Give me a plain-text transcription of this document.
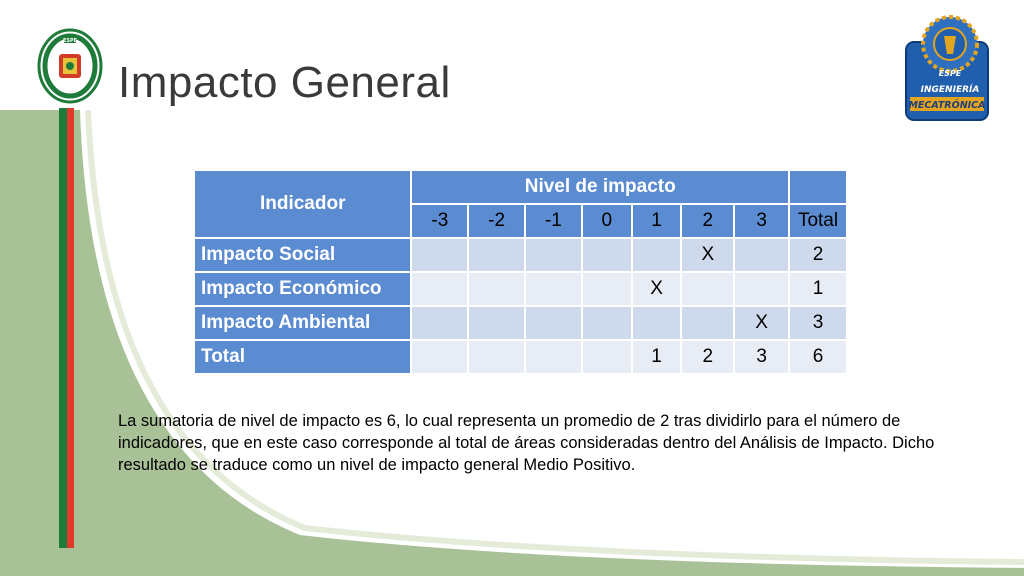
ESPE
ESPE
INGENIERÍA
MECATRÓNICA
Impacto General
Indicador	Nivel de impacto							
	-3	-2	-1	0	1	2	3	Total
Impacto Social						X		2
Impacto Económico					X			1
Impacto Ambiental							X	3
Total					1	2	3	6

La sumatoria de nivel de impacto es 6, lo cual representa un promedio de 2 tras dividirlo para el número de indicadores, que en este caso corresponde al total de áreas consideradas dentro del Análisis de Impacto. Dicho resultado se traduce como un nivel de impacto general Medio Positivo.
